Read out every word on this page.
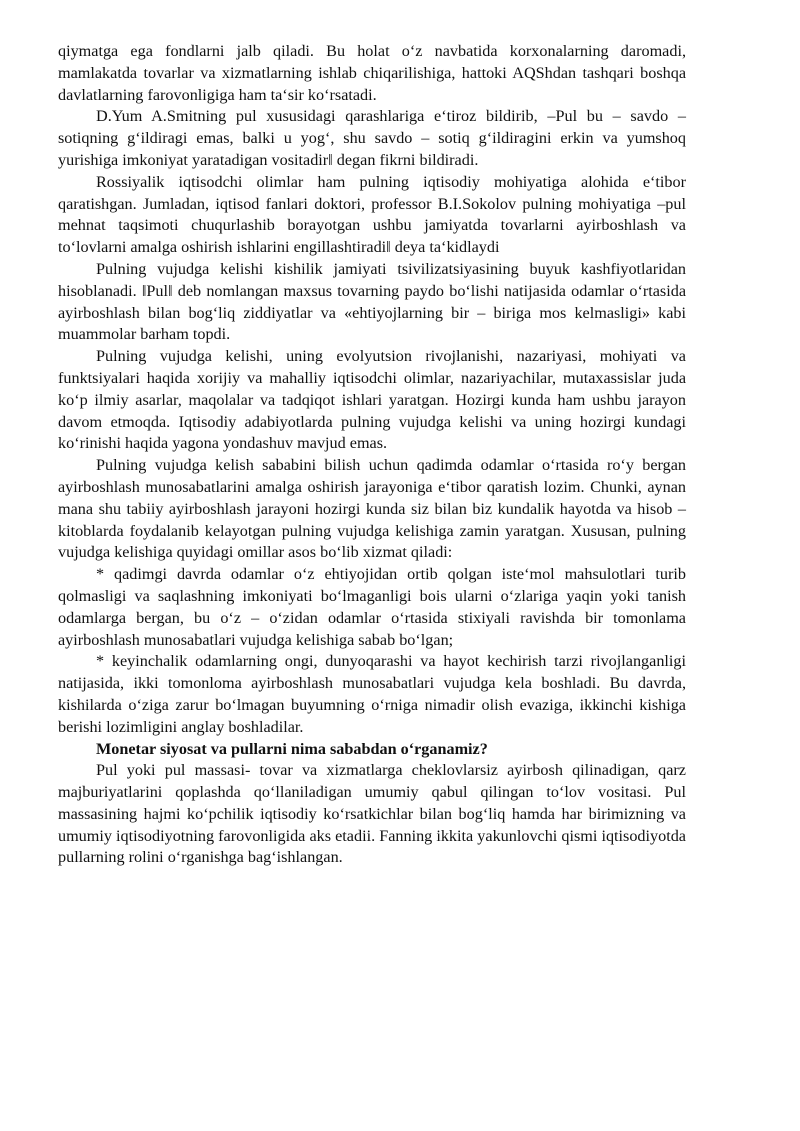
qiymatga ega fondlarni jalb qiladi. Bu holat o‘z navbatida korxonalarning daromadi, mamlakatda tovarlar va xizmatlarning ishlab chiqarilishiga, hattoki AQShdan tashqari boshqa davlatlarning farovonligiga ham ta‘sir ko‘rsatadi.

D.Yum A.Smitning pul xususidagi qarashlariga e‘tiroz bildirib, –Pul bu – savdo – sotiqning g‘ildiragi emas, balki u yog‘, shu savdo – sotiq g‘ildiragini erkin va yumshoq yurishiga imkoniyat yaratadigan vositadir‖ degan fikrni bildiradi.

Rossiyalik iqtisodchi olimlar ham pulning iqtisodiy mohiyatiga alohida e‘tibor qaratishgan. Jumladan, iqtisod fanlari doktori, professor B.I.Sokolov pulning mohiyatiga –pul mehnat taqsimoti chuqurlashib borayotgan ushbu jamiyatda tovarlarni ayirboshlash va to‘lovlarni amalga oshirish ishlarini engillashtiradi‖ deya ta‘kidlaydi

Pulning vujudga kelishi kishilik jamiyati tsivilizatsiyasining buyuk kashfiyotlaridan hisoblanadi. ‖Pul‖ deb nomlangan maxsus tovarning paydo bo‘lishi natijasida odamlar o‘rtasida ayirboshlash bilan bog‘liq ziddiyatlar va «ehtiyojlarning bir – biriga mos kelmasligi» kabi muammolar barham topdi.

Pulning vujudga kelishi, uning evolyutsion rivojlanishi, nazariyasi, mohiyati va funktsiyalari haqida xorijiy va mahalliy iqtisodchi olimlar, nazariyachilar, mutaxassislar juda ko‘p ilmiy asarlar, maqolalar va tadqiqot ishlari yaratgan. Hozirgi kunda ham ushbu jarayon davom etmoqda. Iqtisodiy adabiyotlarda pulning vujudga kelishi va uning hozirgi kundagi ko‘rinishi haqida yagona yondashuv mavjud emas.

Pulning vujudga kelish sababini bilish uchun qadimda odamlar o‘rtasida ro‘y bergan ayirboshlash munosabatlarini amalga oshirish jarayoniga e‘tibor qaratish lozim. Chunki, aynan mana shu tabiiy ayirboshlash jarayoni hozirgi kunda siz bilan biz kundalik hayotda va hisob – kitoblarda foydalanib kelayotgan pulning vujudga kelishiga zamin yaratgan. Xususan, pulning vujudga kelishiga quyidagi omillar asos bo‘lib xizmat qiladi:

* qadimgi davrda odamlar o‘z ehtiyojidan ortib qolgan iste‘mol mahsulotlari turib qolmasligi va saqlashning imkoniyati bo‘lmaganligi bois ularni o‘zlariga yaqin yoki tanish odamlarga bergan, bu o‘z – o‘zidan odamlar o‘rtasida stixiyali ravishda bir tomonlama ayirboshlash munosabatlari vujudga kelishiga sabab bo‘lgan;

* keyinchalik odamlarning ongi, dunyoqarashi va hayot kechirish tarzi rivojlanganligi natijasida, ikki tomonloma ayirboshlash munosabatlari vujudga kela boshladi. Bu davrda, kishilarda o‘ziga zarur bo‘lmagan buyumning o‘rniga nimadir olish evaziga, ikkinchi kishiga berishi lozimligini anglay boshladilar.

Monetar siyosat va pullarni nima sababdan o‘rganamiz?

Pul yoki pul massasi- tovar va xizmatlarga cheklovlarsiz ayirbosh qilinadigan, qarz majburiyatlarini qoplashda qo‘llaniladigan umumiy qabul qilingan to‘lov vositasi. Pul massasining hajmi ko‘pchilik iqtisodiy ko‘rsatkichlar bilan bog‘liq hamda har birimizning va umumiy iqtisodiyotning farovonligida aks etadii. Fanning ikkita yakunlovchi qismi iqtisodiyotda pullarning rolini o‘rganishga bag‘ishlangan.
